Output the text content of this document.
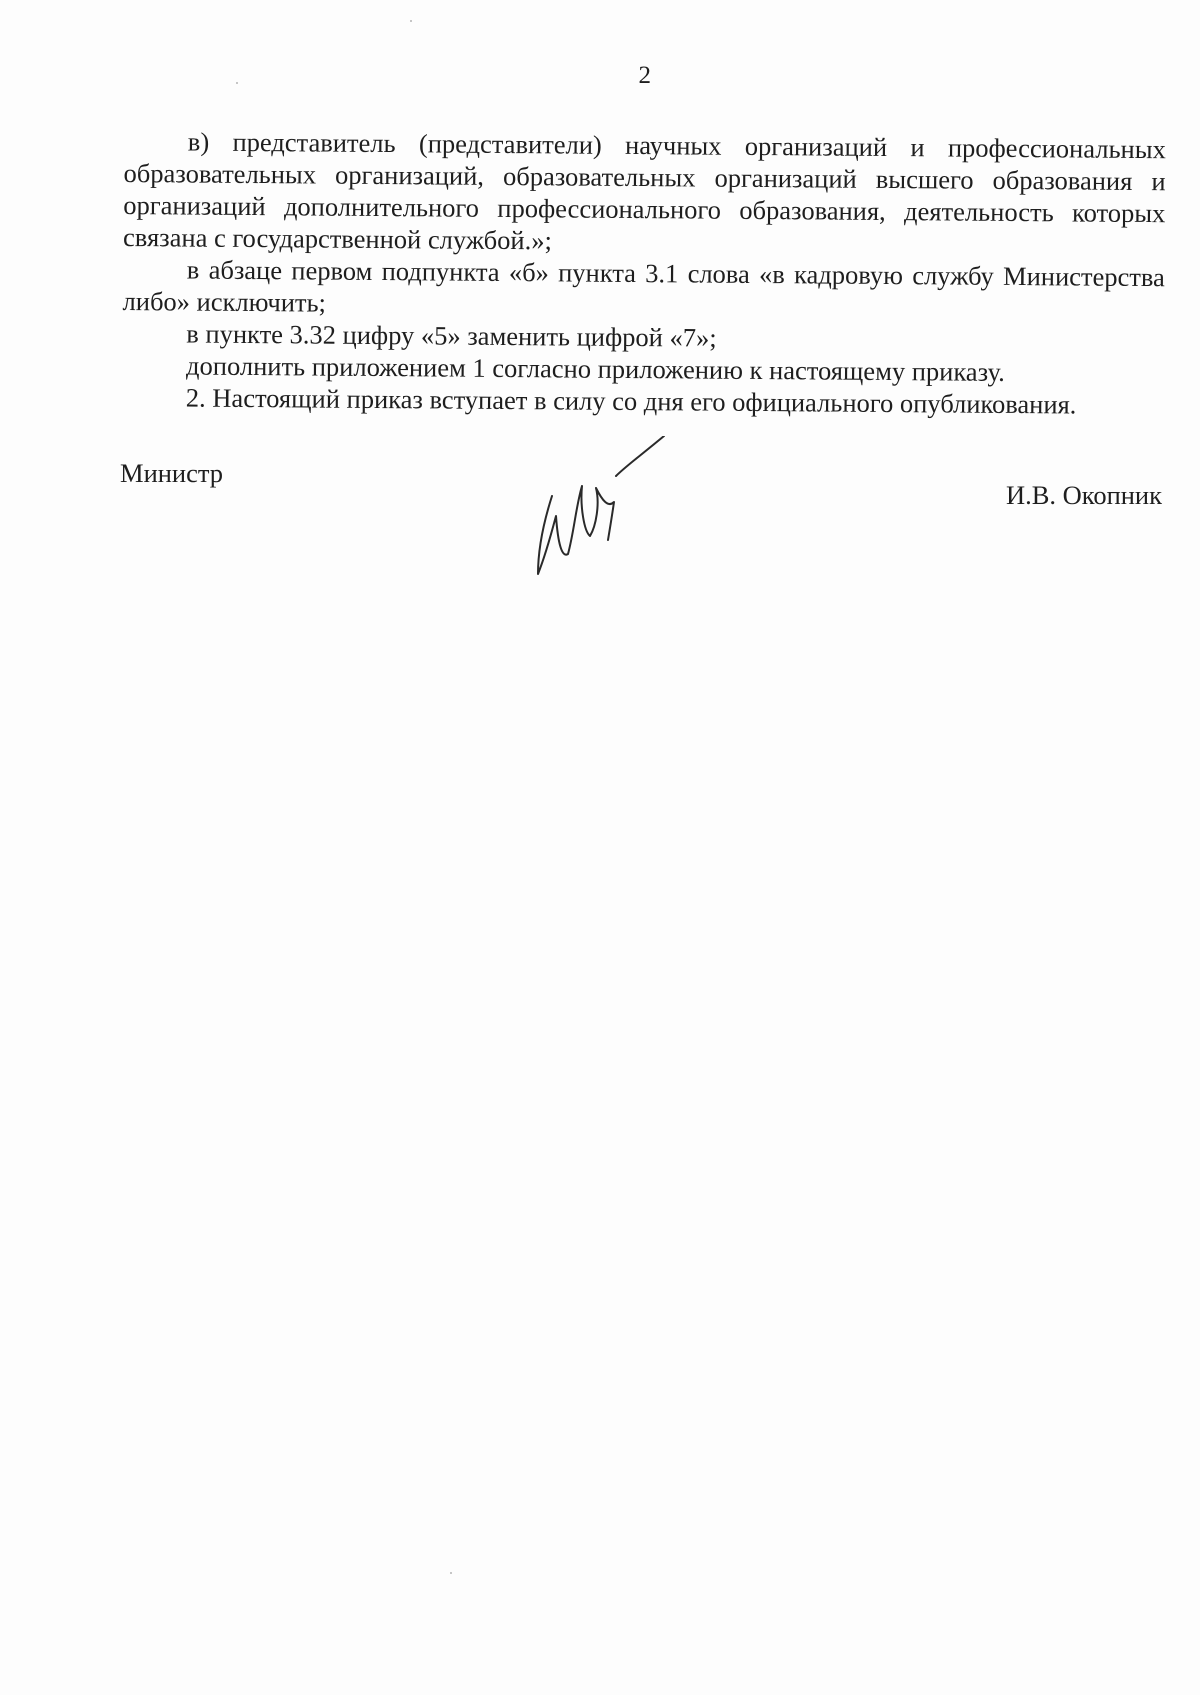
2

в) представитель (представители) научных организаций и профессиональных образовательных организаций, образовательных организаций высшего образования и организаций дополнительного профессионального образования, деятельность которых связана с государственной службой.»;

в абзаце первом подпункта «б» пункта 3.1 слова «в кадровую службу Министерства либо» исключить;

в пункте 3.32 цифру «5» заменить цифрой «7»;

дополнить приложением 1 согласно приложению к настоящему приказу.

2. Настоящий приказ вступает в силу со дня его официального опубликования.

Министр
И.В. Окопник
